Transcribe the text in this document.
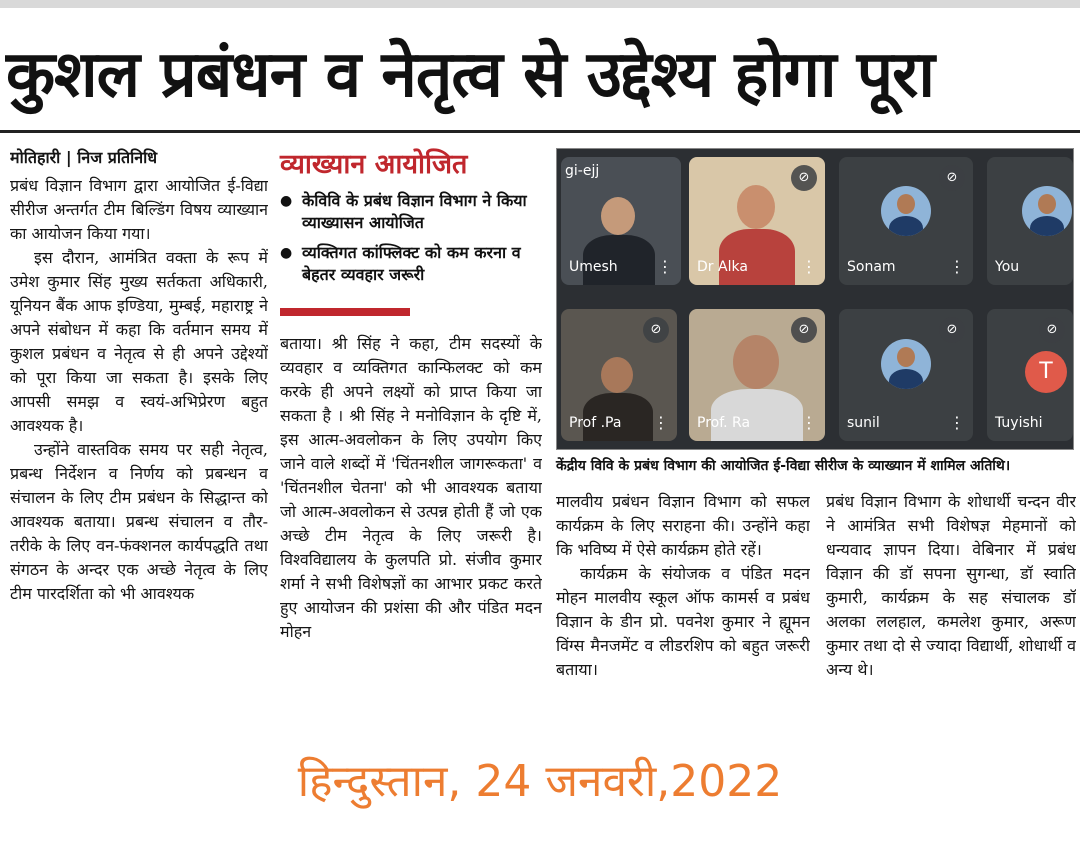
कुशल प्रबंधन व नेतृत्व से उद्देश्य होगा पूरा
मोतिहारी | निज प्रतिनिधि

प्रबंध विज्ञान विभाग द्वारा आयोजित ई-विद्या सीरीज अन्तर्गत टीम बिल्डिंग विषय व्याख्यान का आयोजन किया गया।

इस दौरान, आमंत्रित वक्ता के रूप में उमेश कुमार सिंह मुख्य सर्तकता अधिकारी, यूनियन बैंक आफ इण्डिया, मुम्बई, महाराष्ट्र ने अपने संबोधन में कहा कि वर्तमान समय में कुशल प्रबंधन व नेतृत्व से ही अपने उद्देश्यों को पूरा किया जा सकता है। इसके लिए आपसी समझ व स्वयं-अभिप्रेरण बहुत आवश्यक है।

उन्होंने वास्तविक समय पर सही नेतृत्व, प्रबन्ध निर्देशन व निर्णय को प्रबन्धन व संचालन के लिए टीम प्रबंधन के सिद्धान्त को आवश्यक बताया। प्रबन्ध संचालन व तौर-तरीके के लिए वन-फंक्शनल कार्यपद्धति तथा संगठन के अन्दर एक अच्छे नेतृत्व के लिए टीम पारदर्शिता को भी आवश्यक

व्याख्यान आयोजित
● केविवि के प्रबंध विज्ञान विभाग ने किया व्याख्यासन आयोजित
● व्यक्तिगत कांफ्लिक्ट को कम करना व बेहतर व्यवहार जरूरी

बताया। श्री सिंह ने कहा, टीम सदस्यों के व्यवहार व व्यक्तिगत कान्फिलक्ट को कम करके ही अपने लक्ष्यों को प्राप्त किया जा सकता है । श्री सिंह ने मनोविज्ञान के दृष्टि में, इस आत्म-अवलोकन के लिए उपयोग किए जाने वाले शब्दों में 'चिंतनशील जागरूकता' व 'चिंतनशील चेतना' को भी आवश्यक बताया जो आत्म-अवलोकन से उत्पन्न होती हैं जो एक अच्छे टीम नेतृत्व के लिए जरूरी है। विश्वविद्यालय के कुलपति प्रो. संजीव कुमार शर्मा ने सभी विशेषज्ञों का आभार प्रकट करते हुए आयोजन की प्रशंसा की और पंडित मदन मोहन

gi-ejj
Umesh ⋮
⊘
Dr Alka	⋮
⊘
Sonam	⋮ You
⊘
Prof .Pa ⋮
⊘
Prof. Ra	⋮
⊘
sunil	⋮
⊘
T
Tuyishi
केंद्रीय विवि के प्रबंध विभाग की आयोजित ई-विद्या सीरीज के व्याख्यान में शामिल अतिथि।

मालवीय प्रबंधन विज्ञान विभाग को सफल कार्यक्रम के लिए सराहना की। उन्होंने कहा कि भविष्य में ऐसे कार्यक्रम होते रहें।

कार्यक्रम के संयोजक व पंडित मदन मोहन मालवीय स्कूल ऑफ कामर्स व प्रबंध विज्ञान के डीन प्रो. पवनेश कुमार ने ह्यूमन विंग्स मैनजमेंट व लीडरशिप को बहुत जरूरी बताया।

प्रबंध विज्ञान विभाग के शोधार्थी चन्दन वीर ने आमंत्रित सभी विशेषज्ञ मेहमानों को धन्यवाद ज्ञापन दिया। वेबिनार में प्रबंध विज्ञान की डॉ सपना सुगन्धा, डॉ स्वाति कुमारी, कार्यक्रम के सह संचालक डॉ अलका ललहाल, कमलेश कुमार, अरूण कुमार तथा दो से ज्यादा विद्यार्थी, शोधार्थी व अन्य थे।

हिन्दुस्तान, 24 जनवरी,2022
